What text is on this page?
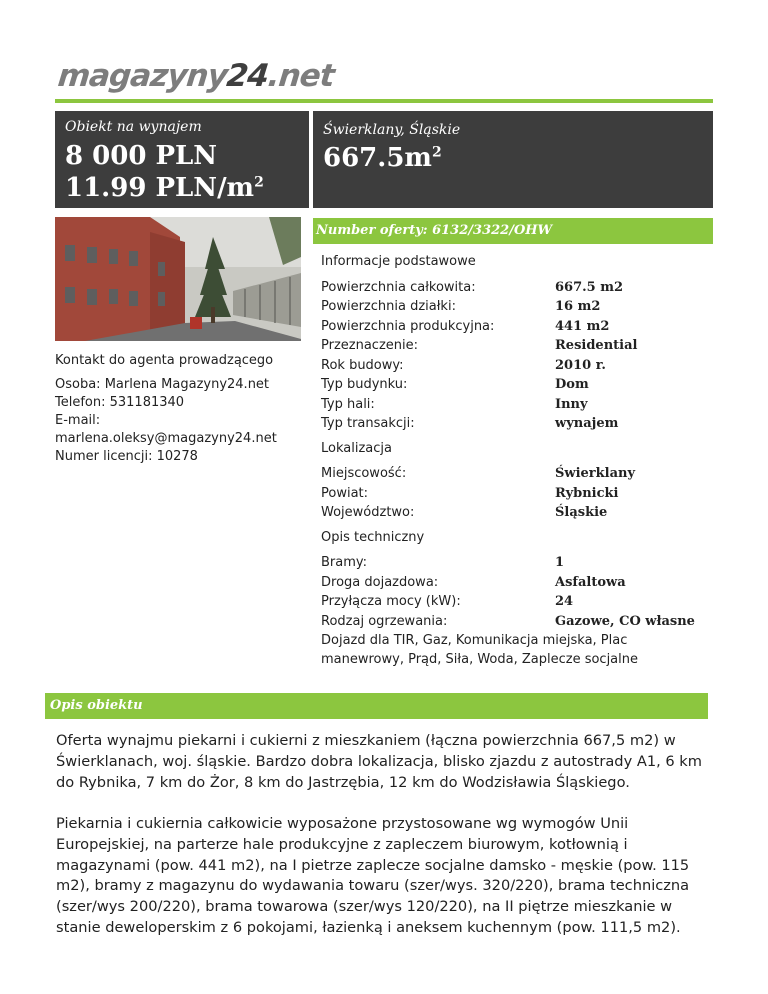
magazyny24.net
Obiekt na wynajem
8 000 PLN
11.99 PLN/$m^2$
Świerklany, Śląskie
$667.5m^2$
Number oferty: 6132/3322/OHW
Kontakt do agenta prowadzącego
Osoba: Marlena Magazyny24.net
Telefon: 531181340
E-mail:
marlena.oleksy@magazyny24.net
Numer licencji: 10278
Informacje podstawowe
Powierzchnia całkowita:	667.5 m2
Powierzchnia działki:	16 m2
Powierzchnia produkcyjna:	441 m2
Przeznaczenie:	Residential
Rok budowy:	2010 r.
Typ budynku:	Dom
Typ hali:	Inny
Typ transakcji:	wynajem
Lokalizacja
Miejscowość:	Świerklany
Powiat:	Rybnicki
Województwo:	Śląskie
Opis techniczny
Bramy:	1
Droga dojazdowa:	Asfaltowa
Przyłącza mocy (kW):	24
Rodzaj ogrzewania:	Gazowe, CO własne
Dojazd dla TIR, Gaz, Komunikacja miejska, Plac manewrowy, Prąd, Siła, Woda, Zaplecze socjalne
Opis obiektu
Oferta wynajmu piekarni i cukierni z mieszkaniem (łączna powierzchnia 667,5 m2) w Świerklanach, woj. śląskie. Bardzo dobra lokalizacja, blisko zjazdu z autostrady A1, 6 km do Rybnika, 7 km do Żor, 8 km do Jastrzębia, 12 km do Wodzisławia Śląskiego.
Piekarnia i cukiernia całkowicie wyposażone przystosowane wg wymogów Unii Europejskiej, na parterze hale produkcyjne z zapleczem biurowym, kotłownią i magazynami (pow. 441 m2), na I pietrze zaplecze socjalne damsko - męskie (pow. 115 m2), bramy z magazynu do wydawania towaru (szer/wys. 320/220), brama techniczna (szer/wys 200/220), brama towarowa (szer/wys 120/220), na II piętrze mieszkanie w stanie deweloperskim z 6 pokojami, łazienką i aneksem kuchennym (pow. 111,5 m2).
